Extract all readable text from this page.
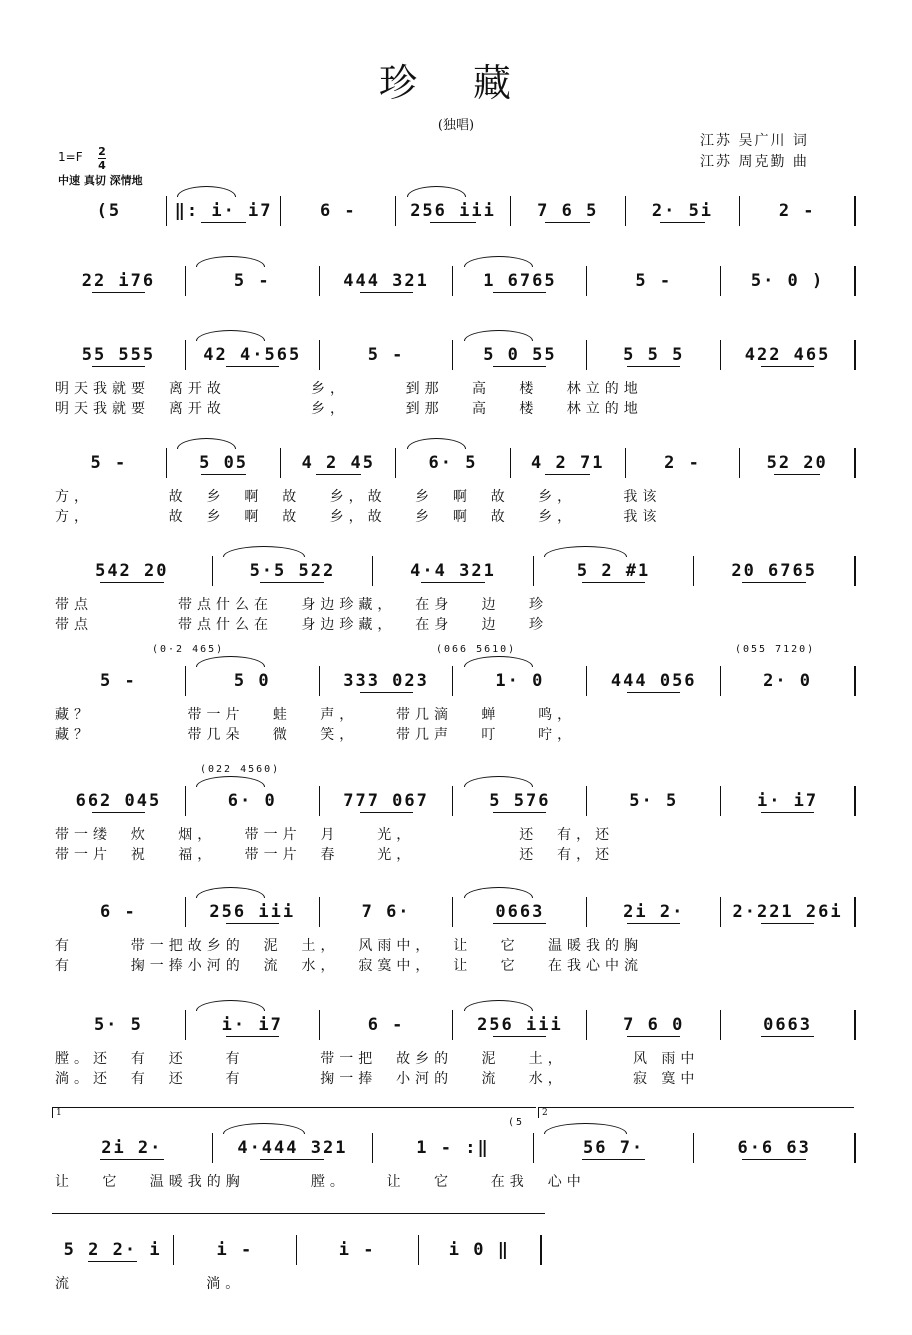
珍 藏
(独唱)
江苏 吴广川 词
江苏 周克勤 曲
1=F 2
4
中速 真切 深情地
(5	‖: i· i7	6 -	256 iii 7 6 5	2· 5i	2 -
22 i76	5 -	444 321	1 6765	5 -	5· 0 )
55 555	42 4·565	5 -	5 0 55	5 5 5	422 465
明天我就要  离开故         乡，      到那   高   楼   林立的地
明天我就要  离开故         乡，      到那   高   楼   林立的地
5 -	5 05	4 2 45	6· 5	4 2 71	2 -	52 20
方，        故  乡  啊  故   乡，故   乡  啊  故   乡，     我该
方，        故  乡  啊  故   乡，故   乡  啊  故   乡，     我该
542 20	5·5 522	4·4 321	5 2 #1	20 6765
带点         带点什么在   身边珍藏，  在身   边   珍
带点         带点什么在   身边珍藏，  在身   边   珍
(0·2 465)	(066 5610)	(055 7120)
5 -	5 0	333 023	1· 0	444 056	2· 0
藏？          带一片   蛙   声，    带几滴   蝉    鸣，
藏？          带几朵   微   笑，    带几声   叮    咛，
(022 4560)
662 045	6· 0	777 067	5 576	5· 5	i· i7
带一缕  炊   烟，   带一片  月    光，           还  有，还
带一片  祝   福，   带一片  春    光，           还  有，还
6 -	256 iii	7 6·	0663	2i 2·	2·221 26i
有      带一把故乡的  泥  土，  风雨中，  让   它   温暖我的胸
有      掬一捧小河的  流  水，  寂寞中，  让   它   在我心中流
5· 5	i· i7	6 -	256 iii	7 6 0	0663
膛。还  有  还    有        带一把  故乡的   泥   土，       风 雨中
淌。还  有  还    有        掬一捧  小河的   流   水，       寂 寞中
1	2
(5
2i 2·	4·444 321	1 - :‖	56 7·	6·6 63
让   它   温暖我的胸       膛。    让   它    在我  心中
5 2 2· i	i -	i -	i 0 ‖
流              淌。
